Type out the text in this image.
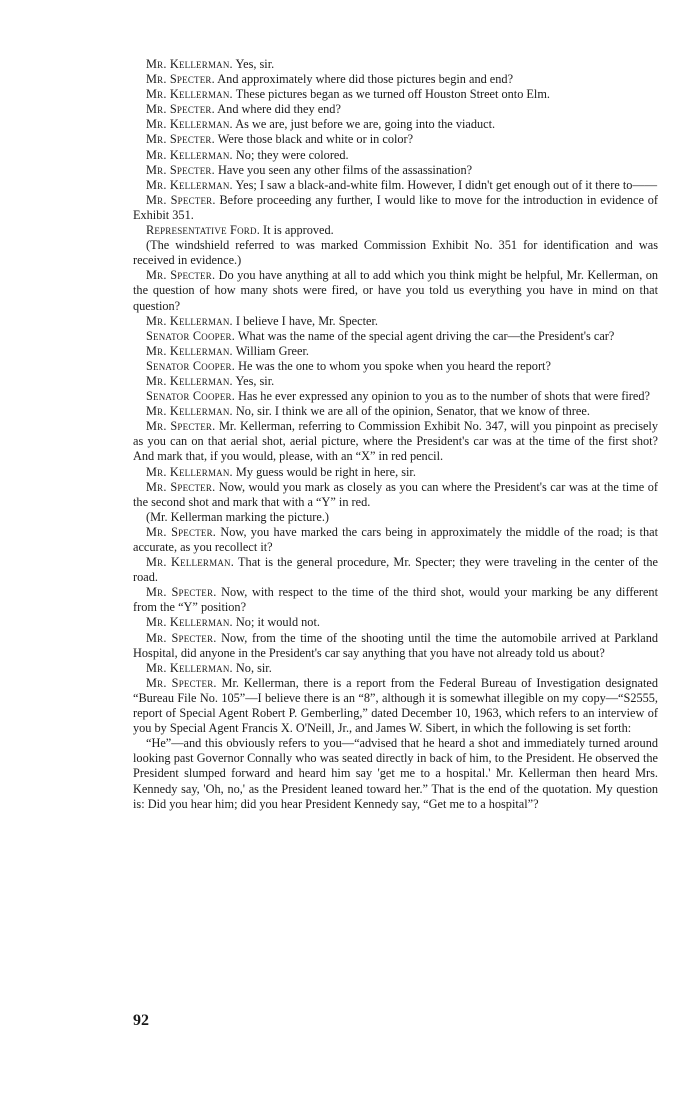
Mr. Kellerman. Yes, sir.

Mr. Specter. And approximately where did those pictures begin and end?

Mr. Kellerman. These pictures began as we turned off Houston Street onto Elm.

Mr. Specter. And where did they end?

Mr. Kellerman. As we are, just before we are, going into the viaduct.

Mr. Specter. Were those black and white or in color?

Mr. Kellerman. No; they were colored.

Mr. Specter. Have you seen any other films of the assassination?

Mr. Kellerman. Yes; I saw a black-and-white film. However, I didn't get enough out of it there to——

Mr. Specter. Before proceeding any further, I would like to move for the introduction in evidence of Exhibit 351.

Representative Ford. It is approved.

(The windshield referred to was marked Commission Exhibit No. 351 for identification and was received in evidence.)

Mr. Specter. Do you have anything at all to add which you think might be helpful, Mr. Kellerman, on the question of how many shots were fired, or have you told us everything you have in mind on that question?

Mr. Kellerman. I believe I have, Mr. Specter.

Senator Cooper. What was the name of the special agent driving the car—the President's car?

Mr. Kellerman. William Greer.

Senator Cooper. He was the one to whom you spoke when you heard the report?

Mr. Kellerman. Yes, sir.

Senator Cooper. Has he ever expressed any opinion to you as to the number of shots that were fired?

Mr. Kellerman. No, sir. I think we are all of the opinion, Senator, that we know of three.

Mr. Specter. Mr. Kellerman, referring to Commission Exhibit No. 347, will you pinpoint as precisely as you can on that aerial shot, aerial picture, where the President's car was at the time of the first shot? And mark that, if you would, please, with an “X” in red pencil.

Mr. Kellerman. My guess would be right in here, sir.

Mr. Specter. Now, would you mark as closely as you can where the President's car was at the time of the second shot and mark that with a “Y” in red.

(Mr. Kellerman marking the picture.)

Mr. Specter. Now, you have marked the cars being in approximately the middle of the road; is that accurate, as you recollect it?

Mr. Kellerman. That is the general procedure, Mr. Specter; they were traveling in the center of the road.

Mr. Specter. Now, with respect to the time of the third shot, would your marking be any different from the “Y” position?

Mr. Kellerman. No; it would not.

Mr. Specter. Now, from the time of the shooting until the time the automobile arrived at Parkland Hospital, did anyone in the President's car say anything that you have not already told us about?

Mr. Kellerman. No, sir.

Mr. Specter. Mr. Kellerman, there is a report from the Federal Bureau of Investigation designated “Bureau File No. 105”—I believe there is an “8”, although it is somewhat illegible on my copy—“S2555, report of Special Agent Robert P. Gemberling,” dated December 10, 1963, which refers to an interview of you by Special Agent Francis X. O'Neill, Jr., and James W. Sibert, in which the following is set forth:

“He”—and this obviously refers to you—“advised that he heard a shot and immediately turned around looking past Governor Connally who was seated directly in back of him, to the President. He observed the President slumped forward and heard him say 'get me to a hospital.' Mr. Kellerman then heard Mrs. Kennedy say, 'Oh, no,' as the President leaned toward her.” That is the end of the quotation. My question is: Did you hear him; did you hear President Kennedy say, “Get me to a hospital”?

92
